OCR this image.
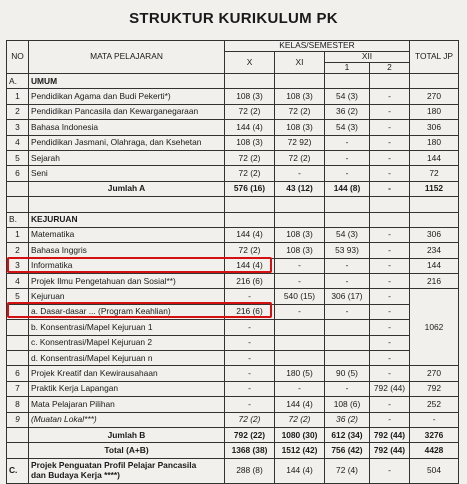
STRUKTUR KURIKULUM PK
NO	MATA PELAJARAN	KELAS/SEMESTER				TOTAL JP
		X	XI	XII		
				1	2	
A.	UMUM					
1	Pendidikan Agama dan Budi Pekerti*)	108 (3)	108 (3)	54 (3)	-	270
2	Pendidikan Pancasila dan Kewarganegaraan	72 (2)	72 (2)	36 (2)	-	180
3	Bahasa Indonesia	144 (4)	108 (3)	54 (3)	-	306
4	Pendidikan Jasmani, Olahraga, dan Ksehetan	108 (3)	72 92)	-	-	180
5	Sejarah	72 (2)	72 (2)	-	-	144
6	Seni	72 (2)	-	-	-	72
	Jumlah A	576 (16)	43 (12)	144 (8)	-	1152

B.	KEJURUAN					
1	Matematika	144 (4)	108 (3)	54 (3)	-	306
2	Bahasa Inggris	72 (2)	108 (3)	53 93)	-	234
3	Informatika	144 (4)	-	-	-	144
4	Projek Ilmu Pengetahuan dan Sosial**)	216 (6)	-	-	-	216
5	Kejuruan	-	540 (15)	306 (17)	-	1062
	a. Dasar-dasar ... (Program Keahlian)	216 (6)	-	-	-	
	b. Konsentrasi/Mapel Kejuruan 1	-			-	
	c. Konsentrasi/Mapel Kejuruan 2	-			-	
	d. Konsentrasi/Mapel Kejuruan n	-			-	
6	Projek Kreatif dan Kewirausahaan	-	180 (5)	90 (5)	-	270
7	Praktik Kerja Lapangan	-	-	-	792 (44)	792
8	Mata Pelajaran Pilihan	-	144 (4)	108 (6)	-	252
9	(Muatan Lokal***)	72 (2)	72 (2)	36 (2)	-	-
	Jumlah B	792 (22)	1080 (30)	612 (34)	792 (44)	3276
	Total (A+B)	1368 (38)	1512 (42)	756 (42)	792 (44)	4428
C.	Projek Penguatan Profil Pelajar Pancasila
dan Budaya Kerja ****)	288 (8)	144 (4)	72 (4)	-	504
